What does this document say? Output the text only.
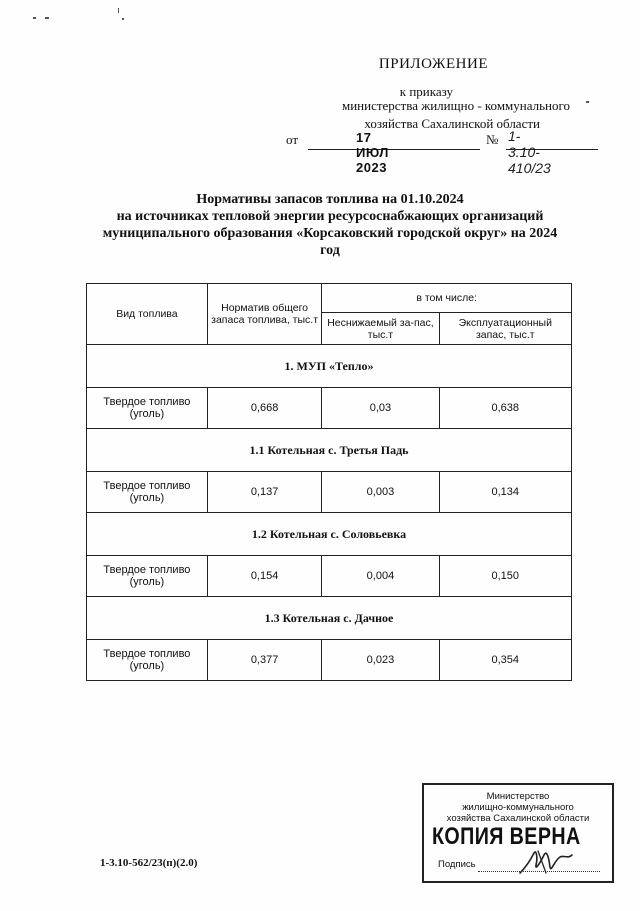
ПРИЛОЖЕНИЕ
к приказу
министерства жилищно - коммунального
хозяйства Сахалинской области
от	17 ИЮЛ 2023
№ 1-3.10-410/23
Нормативы запасов топлива на 01.10.2024
на источниках тепловой энергии ресурсоснабжающих организаций
муниципального образования «Корсаковский городской округ» на 2024
год
Вид топлива	Норматив общего запаса топлива, тыс.т	в том числе:	
		Неснижаемый за-пас, тыс.т	Эксплуатационный запас, тыс.т
1. МУП «Тепло»			
Твердое топливо (уголь)	0,668	0,03	0,638
1.1 Котельная с. Третья Падь			
Твердое топливо (уголь)	0,137	0,003	0,134
1.2 Котельная с. Соловьевка			
Твердое топливо (уголь)	0,154	0,004	0,150
1.3 Котельная с. Дачное			
Твердое топливо (уголь)	0,377	0,023	0,354
Министерство
жилищно-коммунального
хозяйства Сахалинской области
КОПИЯ ВЕРНА
Подпись
1-3.10-562/23(п)(2.0)
